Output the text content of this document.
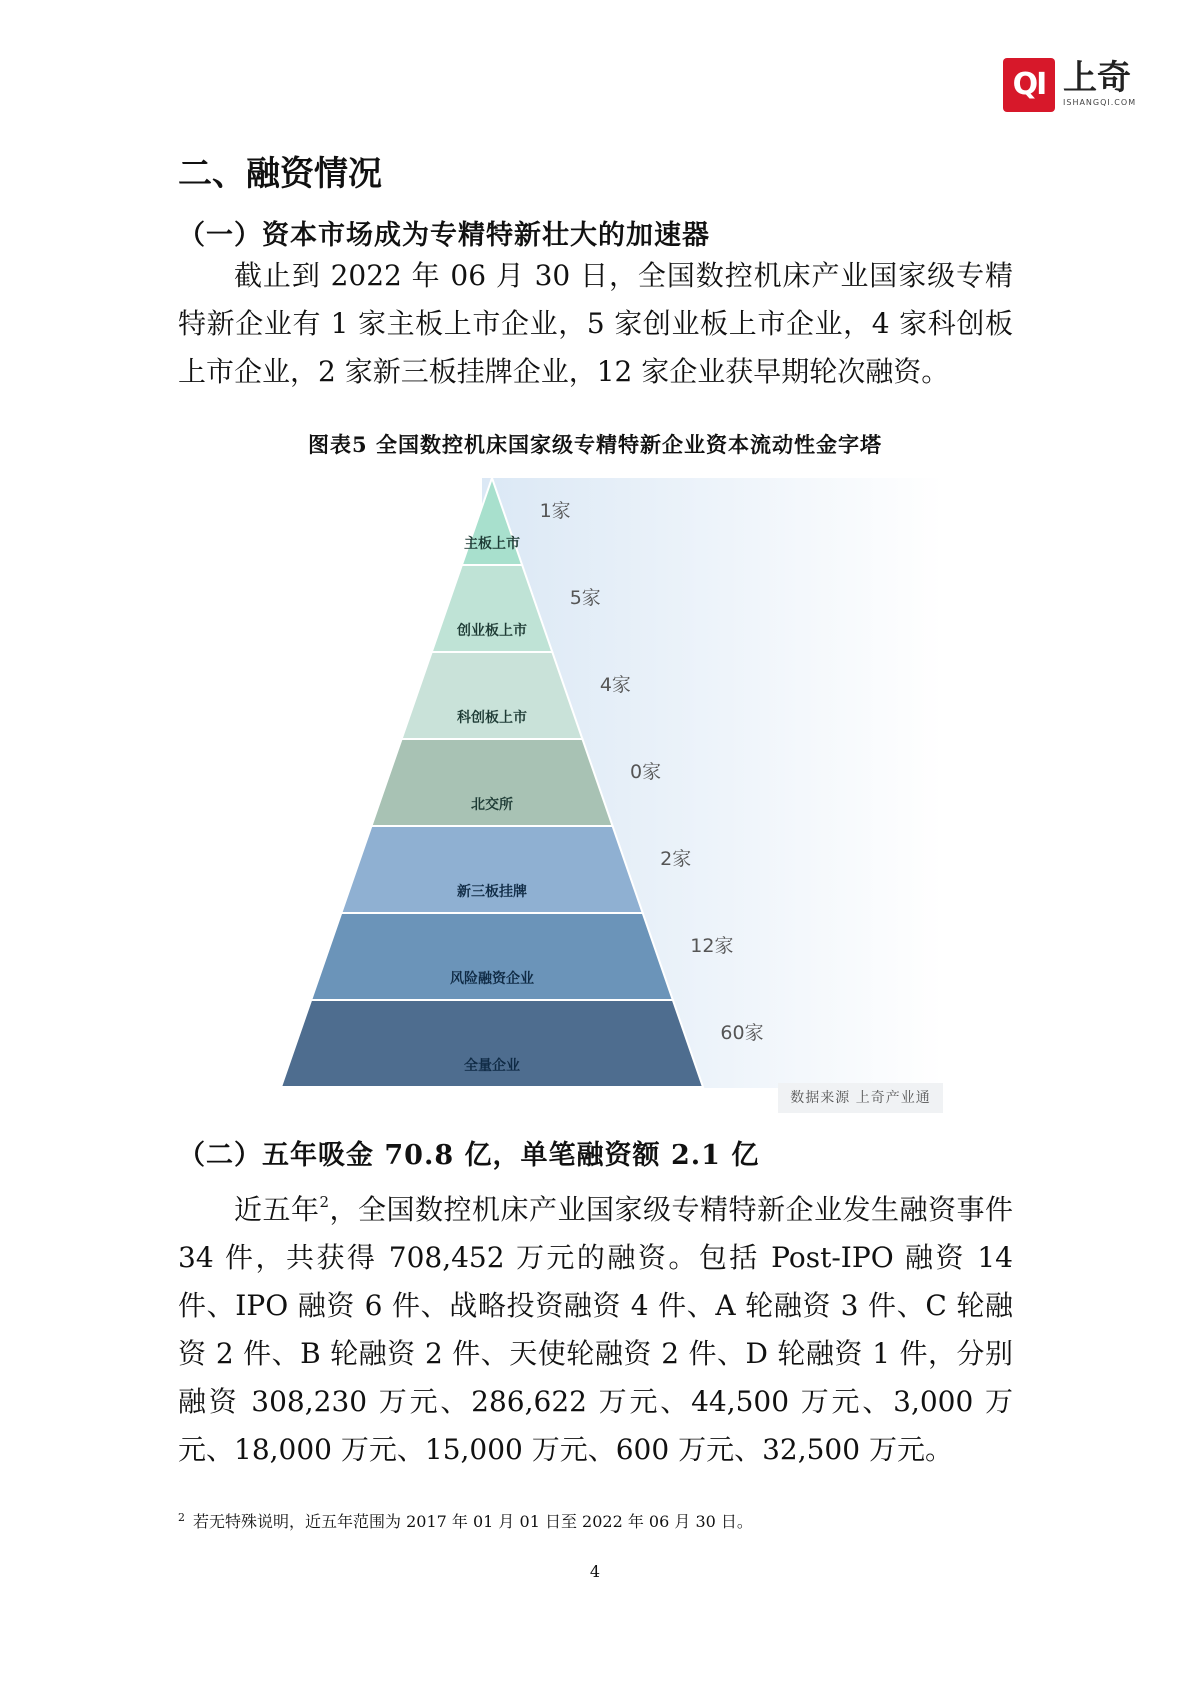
QI 上奇
ISHANGQI.COM
二、融资情况
（一）资本市场成为专精特新壮大的加速器

截止到 2022 年 06 月 30 日，全国数控机床产业国家级专精特新企业有 1 家主板上市企业，5 家创业板上市企业，4 家科创板上市企业，2 家新三板挂牌企业，12 家企业获早期轮次融资。

图表5 全国数控机床国家级专精特新企业资本流动性金字塔
主板上市
1家
创业板上市
5家
科创板上市
4家
北交所
0家
新三板挂牌
2家
风险融资企业
12家
全量企业
60家
数据来源 上奇产业通
（二）五年吸金 70.8 亿，单笔融资额 2.1 亿

近五年$^2$，全国数控机床产业国家级专精特新企业发生融资事件 34 件，共获得 708,452 万元的融资。包括 Post-IPO 融资 14 件、IPO 融资 6 件、战略投资融资 4 件、A 轮融资 3 件、C 轮融资 2 件、B 轮融资 2 件、天使轮融资 2 件、D 轮融资 1 件，分别融资 308,230 万元、286,622 万元、44,500 万元、3,000 万元、18,000 万元、15,000 万元、600 万元、32,500 万元。

$^2$ 若无特殊说明，近五年范围为 2017 年 01 月 01 日至 2022 年 06 月 30 日。
4
